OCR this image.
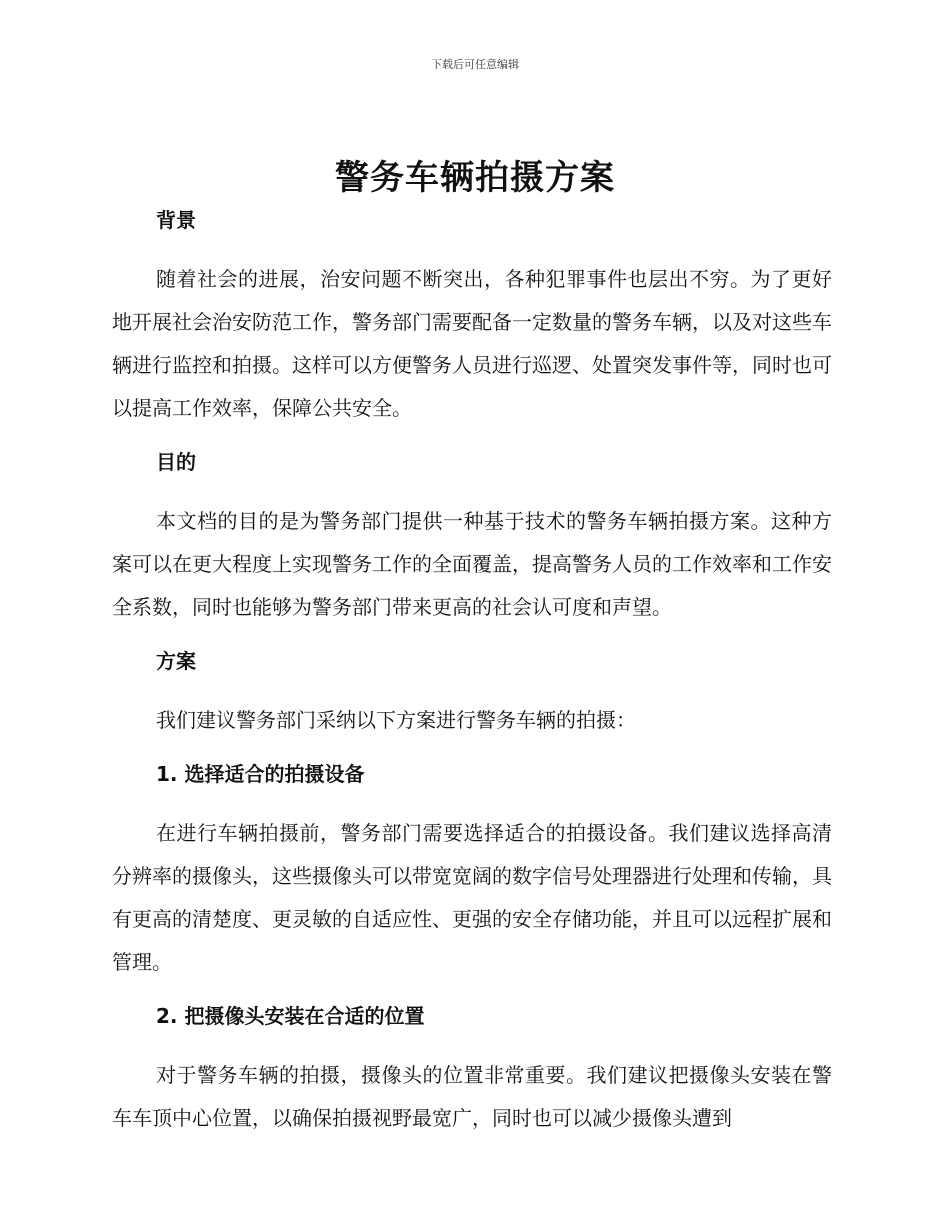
下载后可任意编辑
警务车辆拍摄方案
背景

随着社会的进展，治安问题不断突出，各种犯罪事件也层出不穷。为了更好地开展社会治安防范工作，警务部门需要配备一定数量的警务车辆，以及对这些车辆进行监控和拍摄。这样可以方便警务人员进行巡逻、处置突发事件等，同时也可以提高工作效率，保障公共安全。

目的

本文档的目的是为警务部门提供一种基于技术的警务车辆拍摄方案。这种方案可以在更大程度上实现警务工作的全面覆盖，提高警务人员的工作效率和工作安全系数，同时也能够为警务部门带来更高的社会认可度和声望。

方案

我们建议警务部门采纳以下方案进行警务车辆的拍摄：

1. 选择适合的拍摄设备

在进行车辆拍摄前，警务部门需要选择适合的拍摄设备。我们建议选择高清分辨率的摄像头，这些摄像头可以带宽宽阔的数字信号处理器进行处理和传输，具有更高的清楚度、更灵敏的自适应性、更强的安全存储功能，并且可以远程扩展和管理。

2. 把摄像头安装在合适的位置

对于警务车辆的拍摄，摄像头的位置非常重要。我们建议把摄像头安装在警车车顶中心位置，以确保拍摄视野最宽广，同时也可以减少摄像头遭到
